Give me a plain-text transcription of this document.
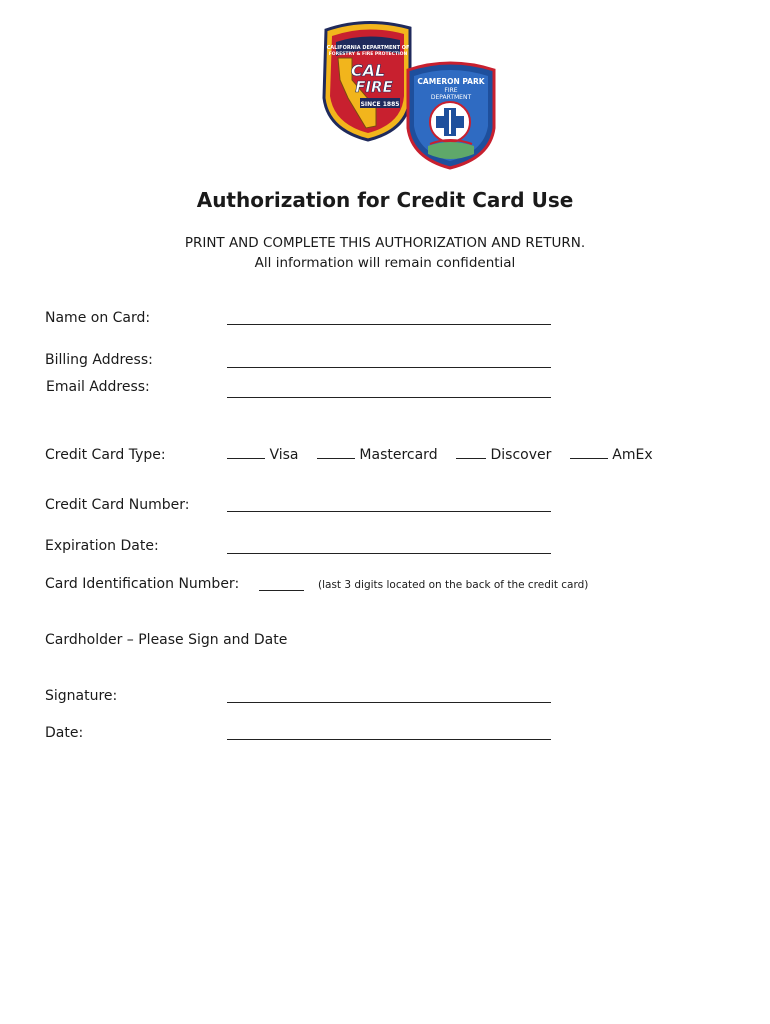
CALIFORNIA DEPARTMENT OF
FORESTRY & FIRE PROTECTION
CAL
FIRE
SINCE 1885
CAMERON PARK
FIRE
DEPARTMENT
Authorization for Credit Card Use
PRINT AND COMPLETE THIS AUTHORIZATION AND RETURN.
All information will remain confidential
Name on Card:
Billing Address:
Email Address:
Credit Card Type:	Visa	Mastercard	Discover	AmEx
Credit Card Number:
Expiration Date:
Card Identification Number:	(last 3 digits located on the back of the credit card)
Cardholder – Please Sign and Date
Signature:
Date:
